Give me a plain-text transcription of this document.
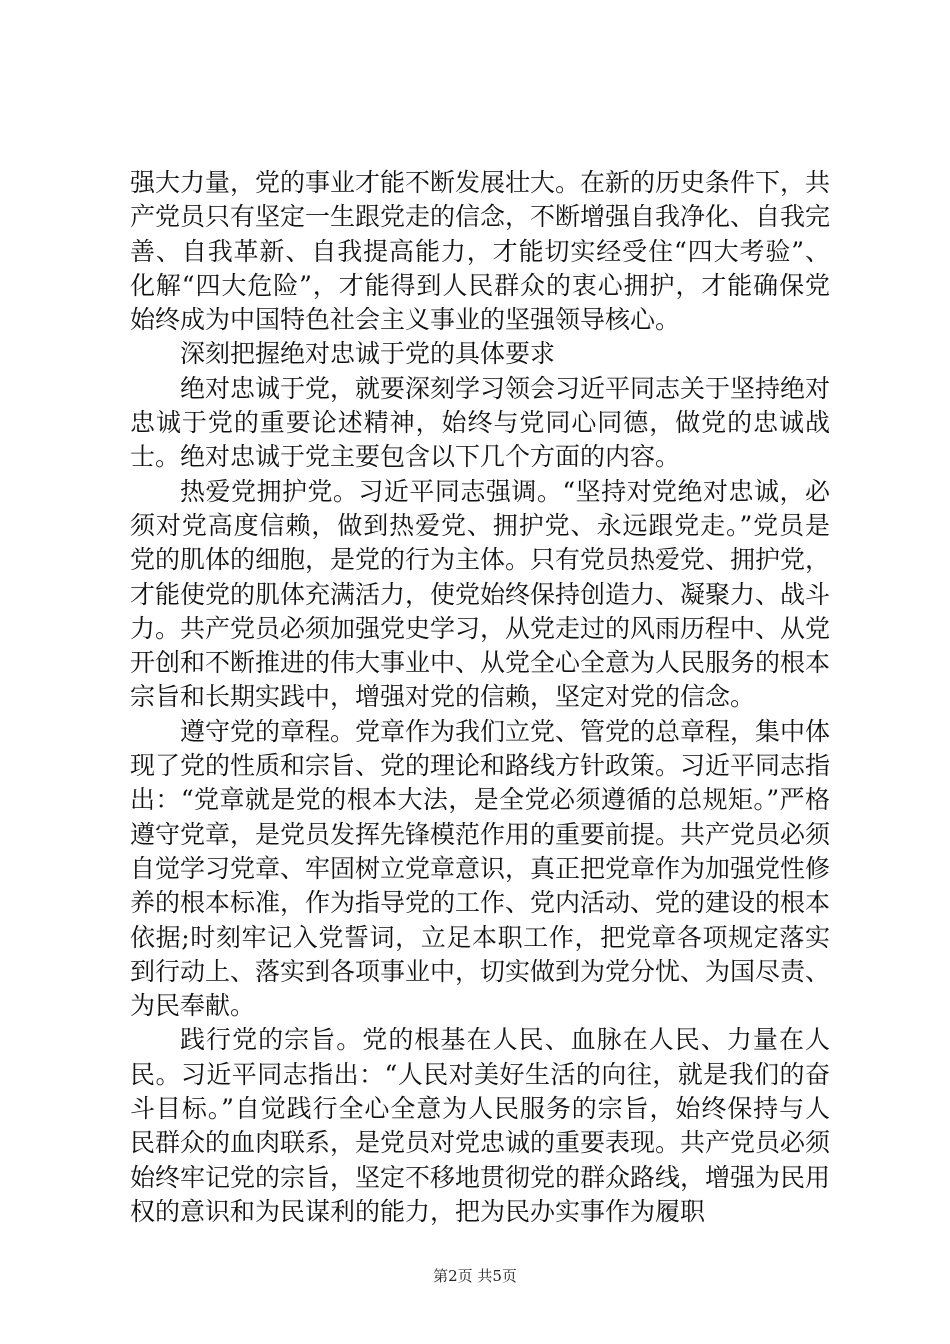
强大力量，党的事业才能不断发展壮大。在新的历史条件下，共产党员只有坚定一生跟党走的信念，不断增强自我净化、自我完善、自我革新、自我提高能力，才能切实经受住“四大考验”、化解“四大危险”，才能得到人民群众的衷心拥护，才能确保党始终成为中国特色社会主义事业的坚强领导核心。

深刻把握绝对忠诚于党的具体要求

绝对忠诚于党，就要深刻学习领会习近平同志关于坚持绝对忠诚于党的重要论述精神，始终与党同心同德，做党的忠诚战士。绝对忠诚于党主要包含以下几个方面的内容。

热爱党拥护党。习近平同志强调。“坚持对党绝对忠诚，必须对党高度信赖，做到热爱党、拥护党、永远跟党走。”党员是党的肌体的细胞，是党的行为主体。只有党员热爱党、拥护党，才能使党的肌体充满活力，使党始终保持创造力、凝聚力、战斗力。共产党员必须加强党史学习，从党走过的风雨历程中、从党开创和不断推进的伟大事业中、从党全心全意为人民服务的根本宗旨和长期实践中，增强对党的信赖，坚定对党的信念。

遵守党的章程。党章作为我们立党、管党的总章程，集中体现了党的性质和宗旨、党的理论和路线方针政策。习近平同志指出：“党章就是党的根本大法，是全党必须遵循的总规矩。”严格遵守党章，是党员发挥先锋模范作用的重要前提。共产党员必须自觉学习党章、牢固树立党章意识，真正把党章作为加强党性修养的根本标准，作为指导党的工作、党内活动、党的建设的根本依据;时刻牢记入党誓词，立足本职工作，把党章各项规定落实到行动上、落实到各项事业中，切实做到为党分忧、为国尽责、为民奉献。

践行党的宗旨。党的根基在人民、血脉在人民、力量在人民。习近平同志指出：“人民对美好生活的向往，就是我们的奋斗目标。”自觉践行全心全意为人民服务的宗旨，始终保持与人民群众的血肉联系，是党员对党忠诚的重要表现。共产党员必须始终牢记党的宗旨，坚定不移地贯彻党的群众路线，增强为民用权的意识和为民谋利的能力，把为民办实事作为履职

第2页 共5页
